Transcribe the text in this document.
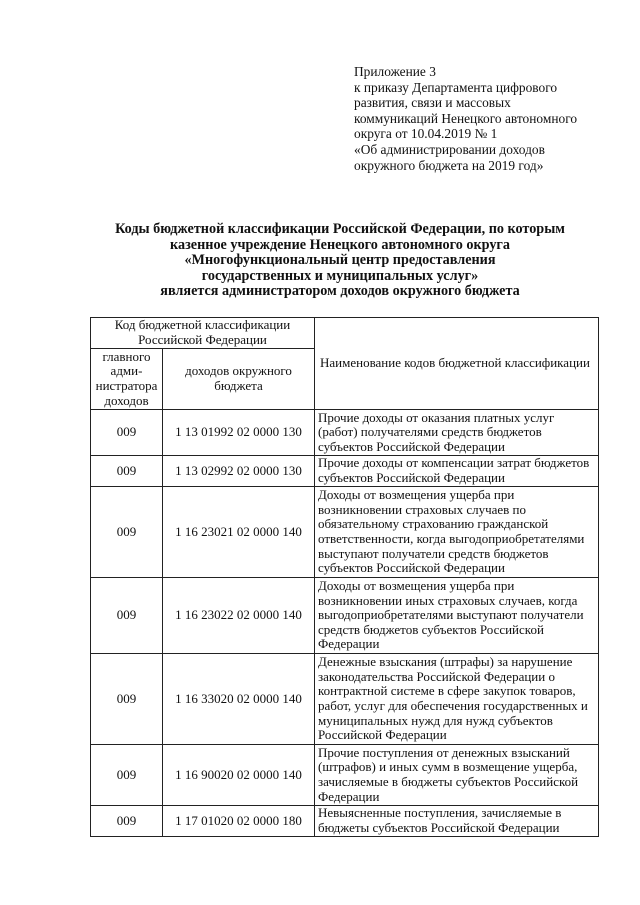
Приложение 3
к приказу Департамента цифрового
развития, связи и массовых
коммуникаций Ненецкого автономного
округа от 10.04.2019 № 1
«Об администрировании доходов
окружного бюджета на 2019 год»
Коды бюджетной классификации Российской Федерации, по которым
казенное учреждение Ненецкого автономного округа
«Многофункциональный центр предоставления
государственных и муниципальных услуг»
является администратором доходов окружного бюджета
Код бюджетной классификации Российской Федерации		Наименование кодов бюджетной классификации
главного адми-нистратора доходов	доходов окружного бюджета	
009	1 13 01992 02 0000 130	Прочие доходы от оказания платных услуг (работ) получателями средств бюджетов субъектов Российской Федерации
009	1 13 02992 02 0000 130	Прочие доходы от компенсации затрат бюджетов субъектов Российской Федерации
009	1 16 23021 02 0000 140	Доходы от возмещения ущерба при возникновении страховых случаев по обязательному страхованию гражданской ответственности, когда выгодоприобретателями выступают получатели средств бюджетов субъектов Российской Федерации
009	1 16 23022 02 0000 140	Доходы от возмещения ущерба при возникновении иных страховых случаев, когда выгодоприобретателями выступают получатели средств бюджетов субъектов Российской Федерации
009	1 16 33020 02 0000 140	Денежные взыскания (штрафы) за нарушение законодательства Российской Федерации о контрактной системе в сфере закупок товаров, работ, услуг для обеспечения государственных и муниципальных нужд для нужд субъектов Российской Федерации
009	1 16 90020 02 0000 140	Прочие поступления от денежных взысканий (штрафов) и иных сумм в возмещение ущерба, зачисляемые в бюджеты субъектов Российской Федерации
009	1 17 01020 02 0000 180	Невыясненные поступления, зачисляемые в бюджеты субъектов Российской Федерации
